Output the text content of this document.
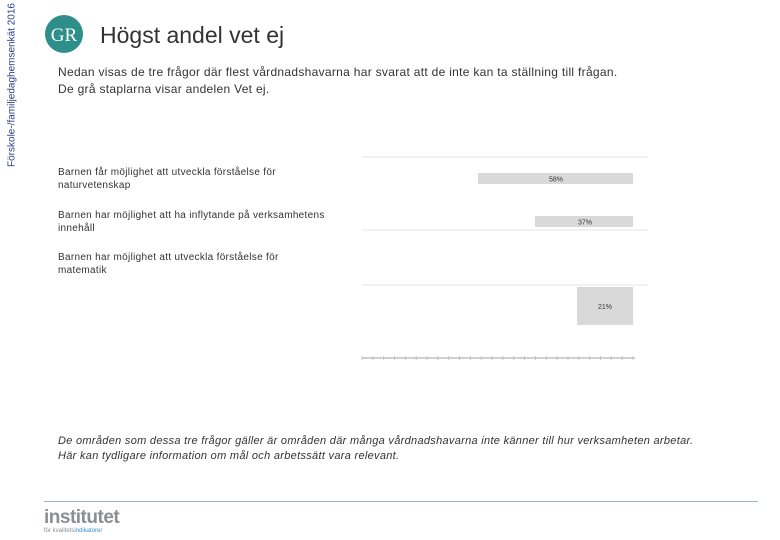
Förskole-/familjedaghemsenkät 2016 GR Högst andel vet ej
Nedan visas de tre frågor där flest vårdnadshavarna har svarat att de inte kan ta ställning till frågan.
De grå staplarna visar andelen Vet ej.
Barnen får möjlighet att utveckla förståelse för
naturvetenskap
Barnen har möjlighet att ha inflytande på verksamhetens
innehåll
Barnen har möjlighet att utveckla förståelse för
matematik
58%
37%
21%
De områden som dessa tre frågor gäller är områden där många vårdnadshavarna inte känner till hur verksamheten arbetar.
Här kan tydligare information om mål och arbetssätt vara relevant.
institutet
för kvalitetsindikatorer
